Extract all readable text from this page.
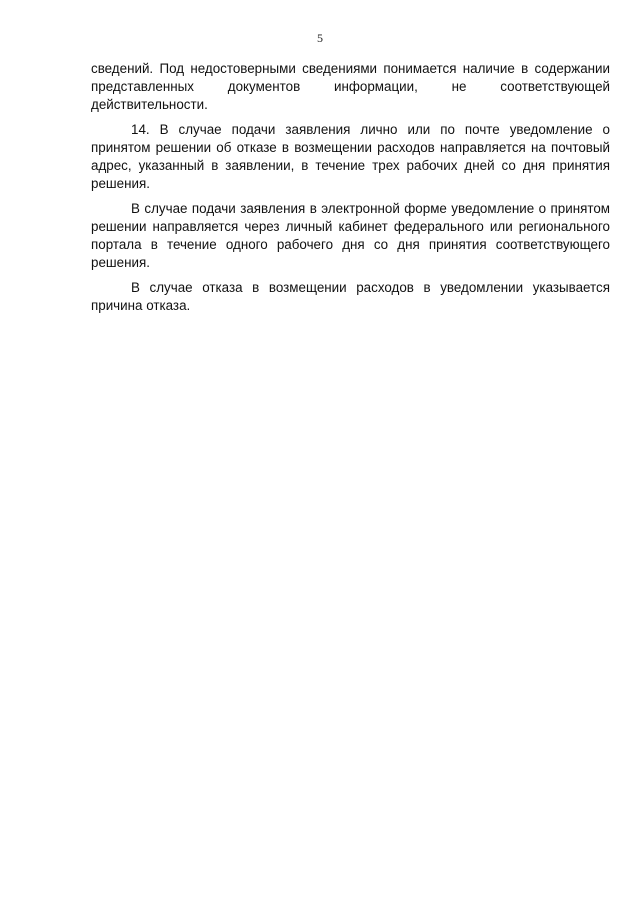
5

сведений. Под недостоверными сведениями понимается наличие в содержании представленных документов информации, не соответствующей действительности.

14. В случае подачи заявления лично или по почте уведомление о принятом решении об отказе в возмещении расходов направляется на почтовый адрес, указанный в заявлении, в течение трех рабочих дней со дня принятия решения.

В случае подачи заявления в электронной форме уведомление о принятом решении направляется через личный кабинет федерального или регионального портала в течение одного рабочего дня со дня принятия соответствующего решения.

В случае отказа в возмещении расходов в уведомлении указывается причина отказа.
